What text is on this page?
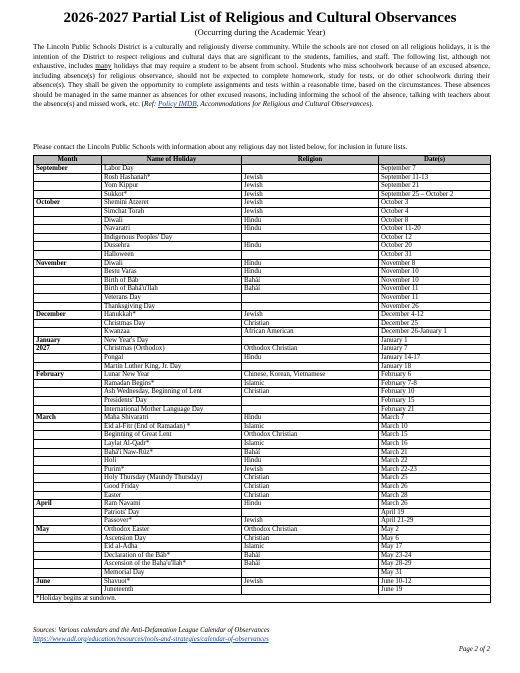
2026-2027 Partial List of Religious and Cultural Observances
(Occurring during the Academic Year)
The Lincoln Public Schools District is a culturally and religiously diverse community. While the schools are not closed on all religious holidays, it is the intention of the District to respect religious and cultural days that are significant to the students, families, and staff. The following list, although not exhaustive, includes many holidays that may require a student to be absent from school. Students who miss schoolwork because of an excused absence, including absence(s) for religious observance, should not be expected to complete homework, study for tests, or do other schoolwork during their absence(s). They shall be given the opportunity to complete assignments and tests within a reasonable time, based on the circumstances. These absences should be managed in the same manner as absences for other excused reasons, including informing the school of the absence, talking with teachers about the absence(s) and missed work, etc. (Ref: Policy IMDB, Accommodations for Religious and Cultural Observances).
Please contact the Lincoln Public Schools with information about any religious day not listed below, for inclusion in future lists.
Month	Name of Holiday	Religion	Date(s)
September	Labor Day		September 7
	Rosh Hashanah*	Jewish	September 11-13
	Yom Kippur	Jewish	September 21
	Sukkot*	Jewish	September 25 – October 2
October	Shemini Atzeret	Jewish	October 3
	Simchat Torah	Jewish	October 4
	Diwali	Hindu	October 8
	Navaratri	Hindu	October 11-20
	Indigenous Peoples' Day		October 12
	Dussehra	Hindu	October 20
	Halloween		October 31
November	Diwali	Hindu	November 8
	Bestu Varas	Hindu	November 10
	Birth of Báb	Baháí	November 10
	Birth of Bahá'u'llah	Baháí	November 11
	Veterans Day		November 11
	Thanksgiving Day		November 26
December	Hanukkah*	Jewish	December 4-12
	Christmas Day	Christian	December 25
	Kwanzaa	African American	December 26-January 1
January	New Year's Day		January 1
2027	Christmas (Orthodox)	Orthodox Christian	January 7
	Pongal	Hindu	January 14-17
	Martin Luther King, Jr. Day		January 18
February	Lunar New Year	Chinese, Korean, Vietnamese	February 6
	Ramadan Begins*	Islamic	February 7-8
	Ash Wednesday, Beginning of Lent	Christian	February 10
	Presidents' Day		February 15
	International Mother Language Day		February 21
March	Maha Shivaratri	Hindu	March 7
	Eid al-Fitr (End of Ramadan) *	Islamic	March 10
	Beginning of Great Lent	Orthodox Christian	March 15
	Laylat Al-Qadr*	Islamic	March 16
	Bahá'í Naw-Rúz*	Baháí	March 21
	Holi	Hindu	March 22
	Purim*	Jewish	March 22-23
	Holy Thursday (Maundy Thursday)	Christian	March 25
	Good Friday	Christian	March 26
	Easter	Christian	March 28
April	Ram Navami	Hindu	March 26
	Patriots' Day		April 19
	Passover*	Jewish	April 21-29
May	Orthodox Easter	Orthodox Christian	May 2
	Ascension Day	Christian	May 6
	Eid al-Adha	Islamic	May 17
	Declaration of the Báb*	Baháí	May 23-24
	Ascension of the Baha'u'llah*	Baháí	May 28-29
	Memorial Day		May 31
June	Shavuot*	Jewish	June 10-12
	Juneteenth		June 19
*Holiday begins at sundown.			
Sources: Various calendars and the Anti-Defamation League Calendar of Observances
https://www.adl.org/education/resources/tools-and-strategies/calendar-of-observances
Page 2 of 2
